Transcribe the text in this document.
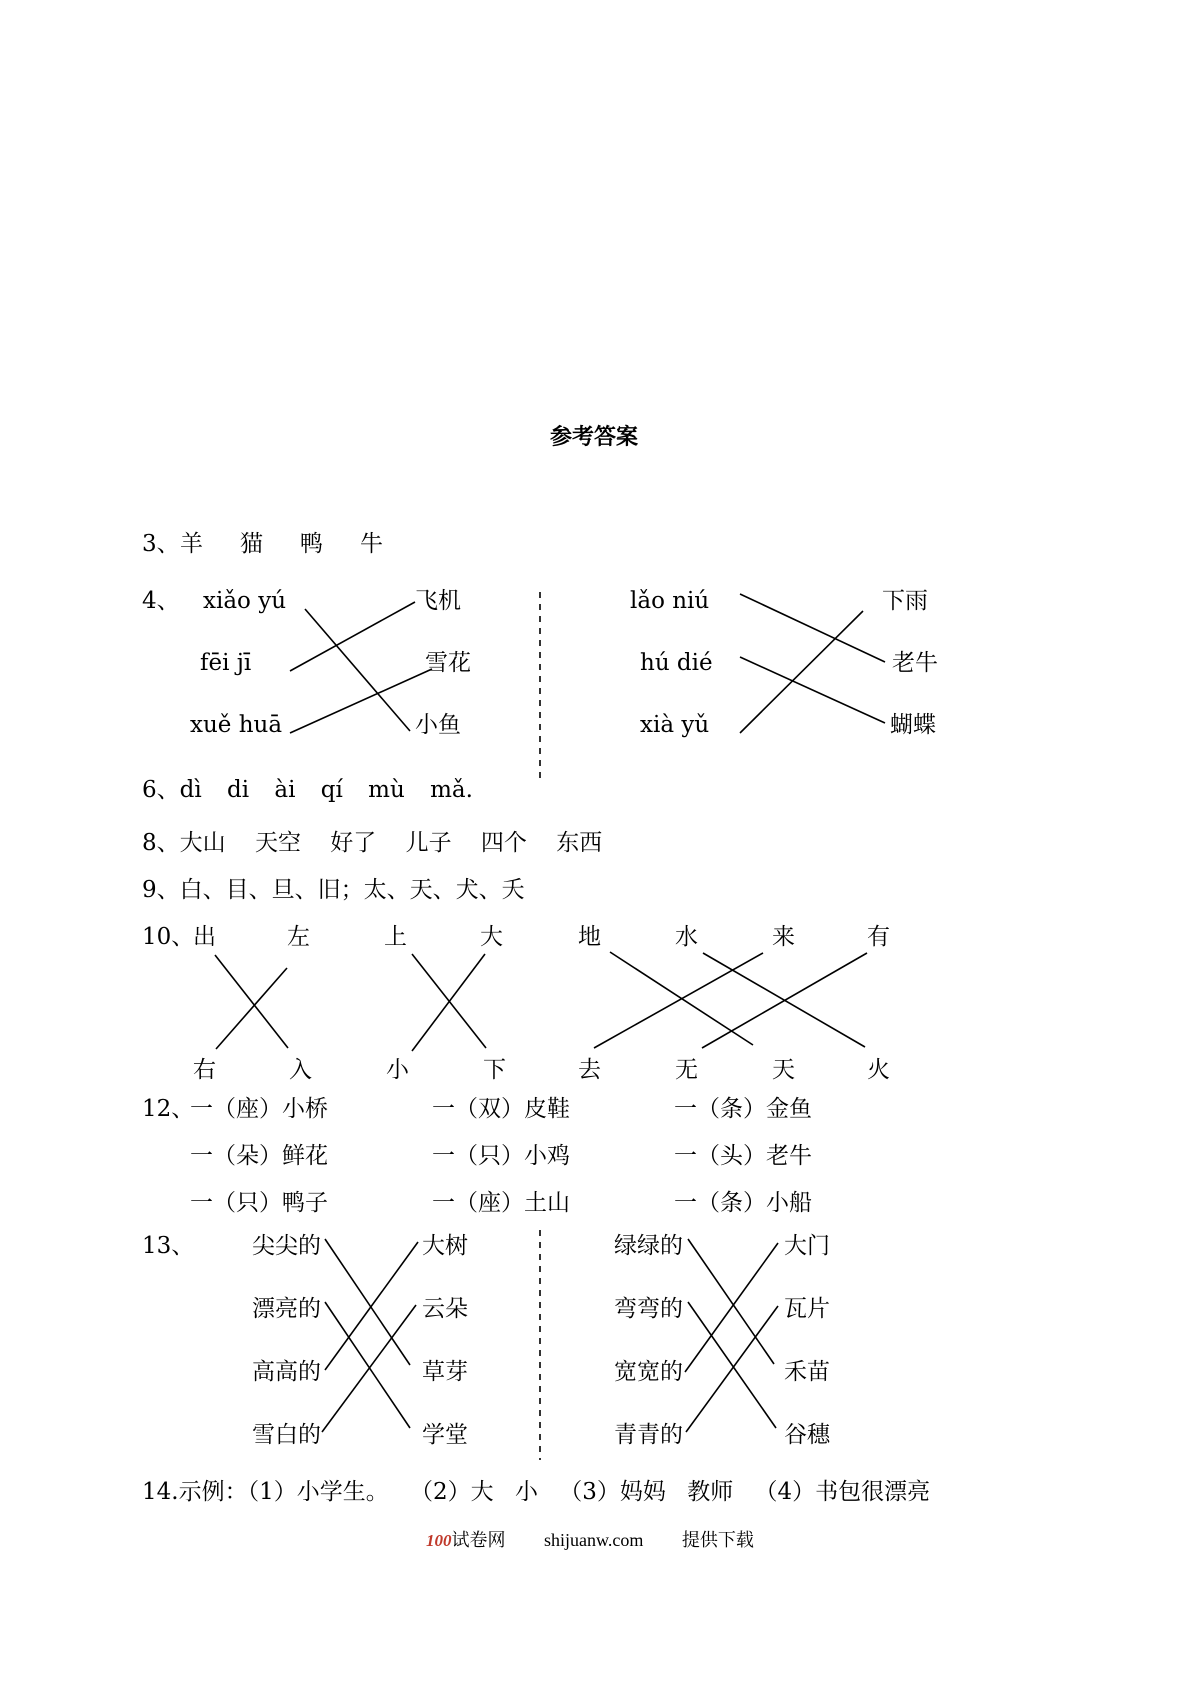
参考答案
3、 羊 猫 鸭 牛
4、 xiǎo yú
fēi jī
xuě huā
飞机
雪花
小鱼
lǎo niú
hú dié
xià yǔ
下雨
老牛
蝴蝶
6、dì di ài qí mù mǎ.
8、大山 天空 好了 儿子 四个 东西
9、白、目、旦、旧；太、天、犬、夭
10、
出	左	上	大	地	水	来	有
右	入	小	下	去	无	天	火
12、
一（座）小桥	一（双）皮鞋	一（条）金鱼
一（朵）鲜花	一（只）小鸡	一（头）老牛
一（只）鸭子	一（座）土山	一（条）小船
13、	尖尖的
漂亮的
高高的
雪白的
大树
云朵
草芽
学堂
绿绿的
弯弯的
宽宽的
青青的
大门
瓦片
禾苗
谷穗
14.示例：（1）小学生。 （2）大 小 （3）妈妈 教师 （4）书包很漂亮
100试卷网 shijuanw.com 提供下载
